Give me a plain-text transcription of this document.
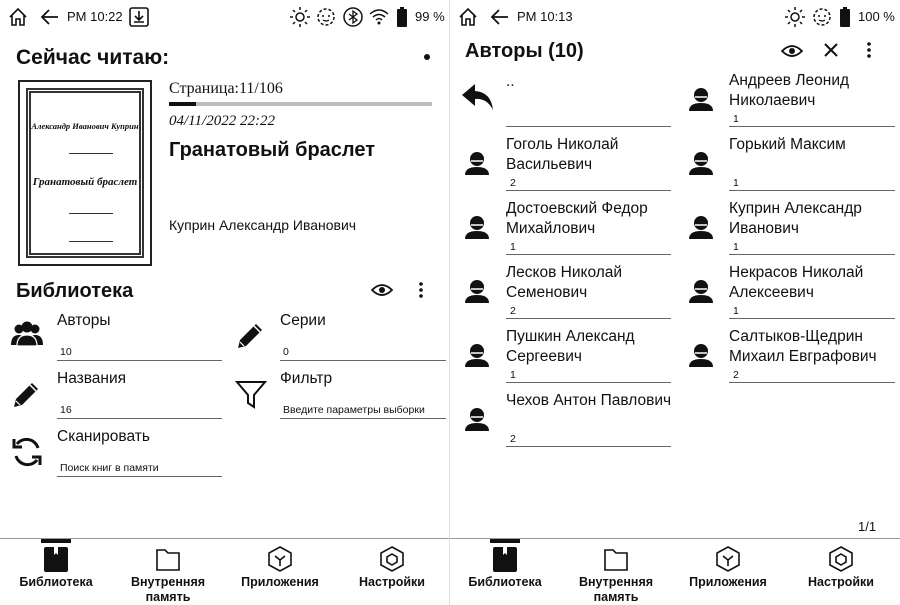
PM 10:22	99 %
Сейчас читаю:
Александр Иванович Куприн
Гранатовый браслет
Страница:11/106
04/11/2022 22:22
Гранатовый браслет
Куприн Александр Иванович
Библиотека
Авторы
10
Серии
0
Названия
16
Фильтр
Введите параметры выборки
Сканировать
Поиск книг в памяти
Библиотека	Внутренняя память
Приложения	Настройки
PM 10:13	100 %
Авторы (10)
..
Гоголь Николай Васильевич
2
Достоевский Федор Михайлович
1
Лесков Николай Семенович
2
Пушкин Александ Сергеевич
1
Чехов Антон Павлович
2
Андреев Леонид Николаевич
1
Горький Максим
1
Куприн Александр Иванович
1
Некрасов Николай Алексеевич
1
Салтыков-Щедрин Михаил Евграфович
2
1/1
Библиотека	Внутренняя память
Приложения	Настройки
